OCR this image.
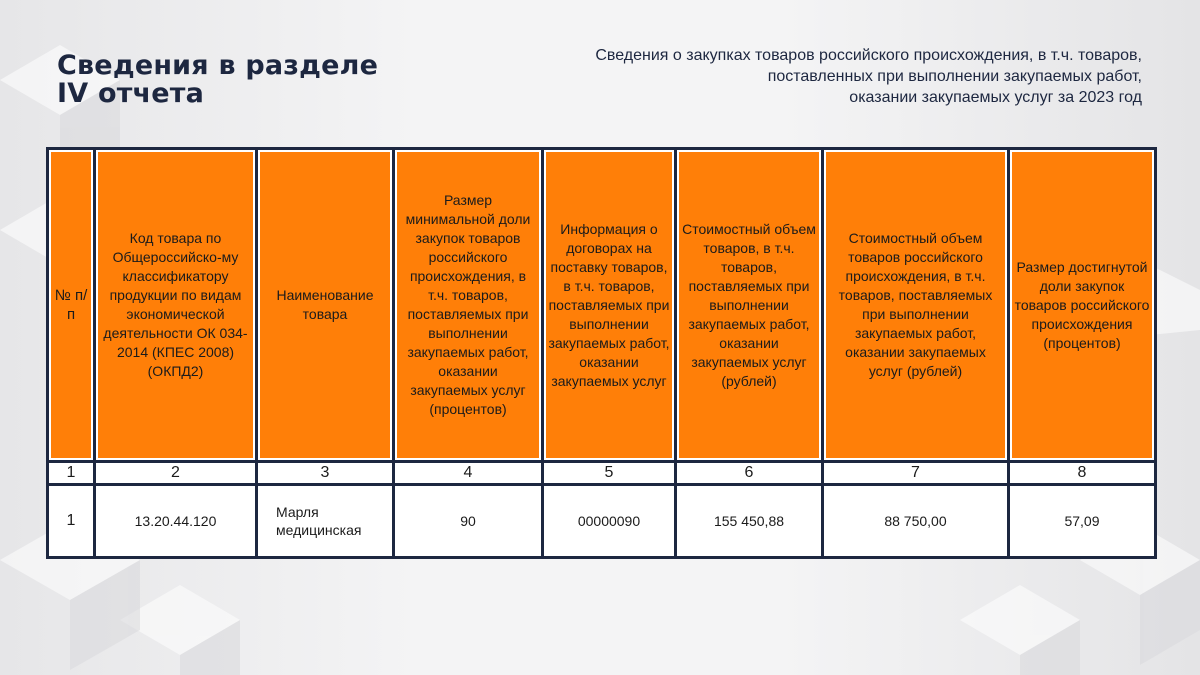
Сведения в разделе
IV отчета

Сведения о закупках товаров российского происхождения, в т.ч. товаров,
поставленных при выполнении закупаемых работ,
оказании закупаемых услуг за 2023 год

№ п/п	Код товара по Общероссийско-му классификатору продукции по видам экономической деятельности ОК 034-2014 (КПЕС 2008) (ОКПД2)	Наименование товара	Размер минимальной доли закупок товаров российского происхождения, в т.ч. товаров, поставляемых при выполнении закупаемых работ, оказании закупаемых услуг (процентов)	Информация о договорах на поставку товаров, в т.ч. товаров, поставляемых при выполнении закупаемых работ, оказании закупаемых услуг	Стоимостный объем товаров, в т.ч. товаров, поставляемых при выполнении закупаемых работ, оказании закупаемых услуг (рублей)	Стоимостный объем товаров российского происхождения, в т.ч. товаров, поставляемых при выполнении закупаемых работ, оказании закупаемых услуг (рублей)	Размер достигнутой доли закупок товаров российского происхождения (процентов)
1	2	3	4	5	6	7	8
1	13.20.44.120	Марля медицинская	90	00000090	155 450,88	88 750,00	57,09
